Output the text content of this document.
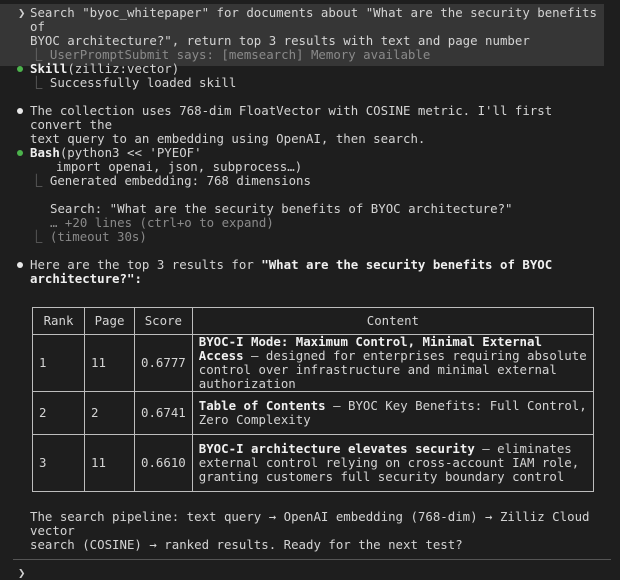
❯ Search "byoc_whitepaper" for documents about "What are the security benefits of
BYOC architecture?", return top 3 results with text and page number
⎿ UserPromptSubmit says: [memsearch] Memory available
Skill(zilliz:vector)
⎿ Successfully loaded skill
The collection uses 768-dim FloatVector with COSINE metric. I'll first convert the
text query to an embedding using OpenAI, then search.
Bash(python3 << 'PYEOF'
import openai, json, subprocess…)
⎿ Generated embedding: 768 dimensions
Search: "What are the security benefits of BYOC architecture?"
… +20 lines (ctrl+o to expand)
⎿ (timeout 30s)
Here are the top 3 results for "What are the security benefits of BYOC
architecture?":
Rank	Page	Score	Content
1	11	0.6777	BYOC-I Mode: Maximum Control, Minimal External Access — designed for enterprises requiring absolute control over infrastructure and minimal external authorization
2	2	0.6741	Table of Contents — BYOC Key Benefits: Full Control, Zero Complexity
3	11	0.6610	BYOC-I architecture elevates security — eliminates external control relying on cross-account IAM role, granting customers full security boundary control
The search pipeline: text query → OpenAI embedding (768-dim) → Zilliz Cloud vector
search (COSINE) → ranked results. Ready for the next test?
❯
